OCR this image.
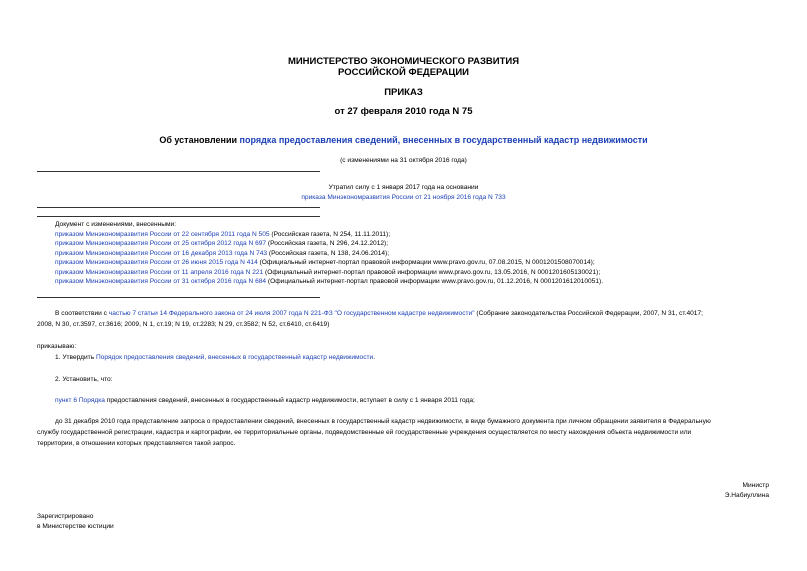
МИНИСТЕРСТВО ЭКОНОМИЧЕСКОГО РАЗВИТИЯ
РОССИЙСКОЙ ФЕДЕРАЦИИ
ПРИКАЗ
от 27 февраля 2010 года N 75
Об установлении порядка предоставления сведений, внесенных в государственный кадастр недвижимости
(с изменениями на 31 октября 2016 года)
Утратил силу с 1 января 2017 года на основании
приказа Минэкономразвития России от 21 ноября 2016 года N 733
Документ с изменениями, внесенными:
приказом Минэкономразвития России от 22 сентября 2011 года N 505 (Российская газета, N 254, 11.11.2011);
приказом Минэкономразвития России от 25 октября 2012 года N 697 (Российская газета, N 296, 24.12.2012);
приказом Минэкономразвития России от 16 декабря 2013 года N 743 (Российская газета, N 138, 24.06.2014);
приказом Минэкономразвития России от 26 июня 2015 года N 414 (Официальный интернет-портал правовой информации www.pravo.gov.ru, 07.08.2015, N 0001201508070014);
приказом Минэкономразвития России от 11 апреля 2016 года N 221 (Официальный интернет-портал правовой информации www.pravo.gov.ru, 13.05.2016, N 0001201605130021);
приказом Минэкономразвития России от 31 октября 2016 года N 684 (Официальный интернет-портал правовой информации www.pravo.gov.ru, 01.12.2016, N 0001201612010051).
В соответствии с частью 7 статьи 14 Федерального закона от 24 июля 2007 года N 221-ФЗ "О государственном кадастре недвижимости" (Собрание законодательства Российской Федерации, 2007, N 31, ст.4017;
2008, N 30, ст.3597, ст.3616; 2009, N 1, ст.19; N 19, ст.2283; N 29, ст.3582; N 52, ст.6410, ст.6419)
приказываю:
1. Утвердить Порядок предоставления сведений, внесенных в государственный кадастр недвижимости.
2. Установить, что:
пункт 6 Порядка предоставления сведений, внесенных в государственный кадастр недвижимости, вступает в силу с 1 января 2011 года;
до 31 декабря 2010 года представление запроса о предоставлении сведений, внесенных в государственный кадастр недвижимости, в виде бумажного документа при личном обращении заявителя в Федеральную
службу государственной регистрации, кадастра и картографии, ее территориальные органы, подведомственные ей государственные учреждения осуществляется по месту нахождения объекта недвижимости или
территории, в отношении которых представляется такой запрос.
Министр
Э.Набиуллина
Зарегистрировано
в Министерстве юстиции
